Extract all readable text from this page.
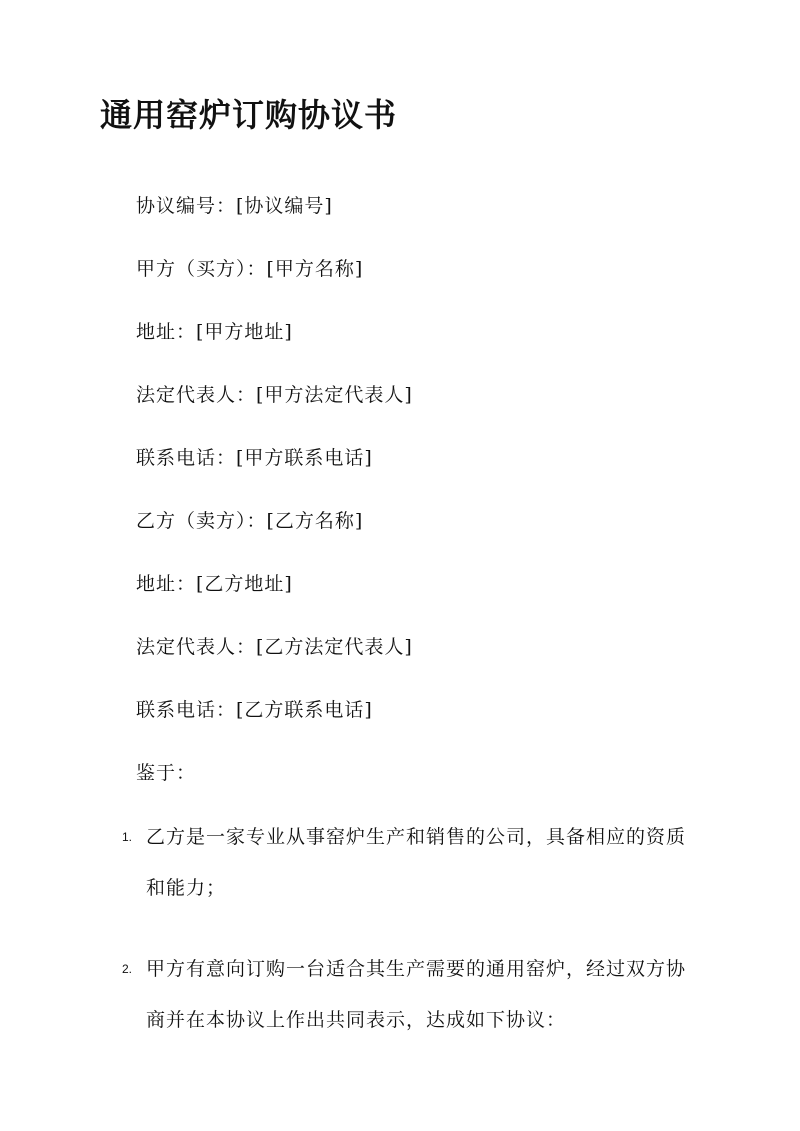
通用窑炉订购协议书
协议编号：[协议编号]
甲方（买方）：[甲方名称]
地址：[甲方地址]
法定代表人：[甲方法定代表人]
联系电话：[甲方联系电话]
乙方（卖方）：[乙方名称]
地址：[乙方地址]
法定代表人：[乙方法定代表人]
联系电话：[乙方联系电话]
鉴于：
1. 乙方是一家专业从事窑炉生产和销售的公司，具备相应的资质和能力；
2. 甲方有意向订购一台适合其生产需要的通用窑炉，经过双方协商并在本协议上作出共同表示，达成如下协议：
